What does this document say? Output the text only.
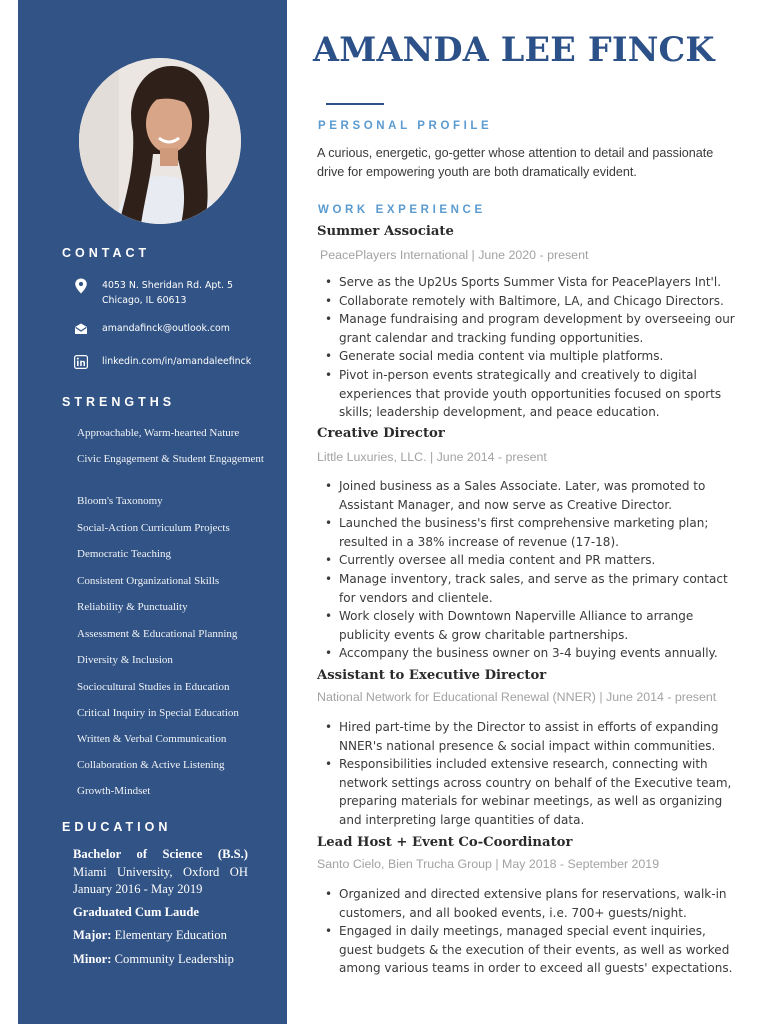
CONTACT
4053 N. Sheridan Rd. Apt. 5
Chicago, IL 60613
amandafinck@outlook.com
linkedin.com/in/amandaleefinck
STRENGTHS
Approachable, Warm-hearted Nature
Civic Engagement & Student Engagement
Bloom's Taxonomy
Social-Action Curriculum Projects
Democratic Teaching
Consistent Organizational Skills
Reliability & Punctuality
Assessment & Educational Planning
Diversity & Inclusion
Sociocultural Studies in Education
Critical Inquiry in Special Education
Written & Verbal Communication
Collaboration & Active Listening
Growth-Mindset
EDUCATION
Bachelor of Science (B.S.)
Miami University, Oxford OH
January 2016 - May 2019
Graduated Cum Laude
Major: Elementary Education
Minor: Community Leadership
AMANDA LEE FINCK
PERSONAL PROFILE

A curious, energetic, go-getter whose attention to detail and passionate drive for empowering youth are both dramatically evident.

WORK EXPERIENCE
Summer Associate
PeacePlayers International | June 2020 - present
• Serve as the Up2Us Sports Summer Vista for PeacePlayers Int'l.
• Collaborate remotely with Baltimore, LA, and Chicago Directors.
• Manage fundraising and program development by overseeing our grant calendar and tracking funding opportunities.
• Generate social media content via multiple platforms.
• Pivot in-person events strategically and creatively to digital experiences that provide youth opportunities focused on sports skills; leadership development, and peace education.
Creative Director
Little Luxuries, LLC. | June 2014 - present
• Joined business as a Sales Associate. Later, was promoted to Assistant Manager, and now serve as Creative Director.
• Launched the business's first comprehensive marketing plan; resulted in a 38% increase of revenue (17-18).
• Currently oversee all media content and PR matters.
• Manage inventory, track sales, and serve as the primary contact for vendors and clientele.
• Work closely with Downtown Naperville Alliance to arrange publicity events & grow charitable partnerships.
• Accompany the business owner on 3-4 buying events annually.
Assistant to Executive Director
National Network for Educational Renewal (NNER) | June 2014 - present
• Hired part-time by the Director to assist in efforts of expanding NNER's national presence & social impact within communities.
• Responsibilities included extensive research, connecting with network settings across country on behalf of the Executive team, preparing materials for webinar meetings, as well as organizing and interpreting large quantities of data.
Lead Host + Event Co-Coordinator
Santo Cielo, Bien Trucha Group | May 2018 - September 2019
• Organized and directed extensive plans for reservations, walk-in customers, and all booked events, i.e. 700+ guests/night.
• Engaged in daily meetings, managed special event inquiries, guest budgets & the execution of their events, as well as worked among various teams in order to exceed all guests' expectations.
